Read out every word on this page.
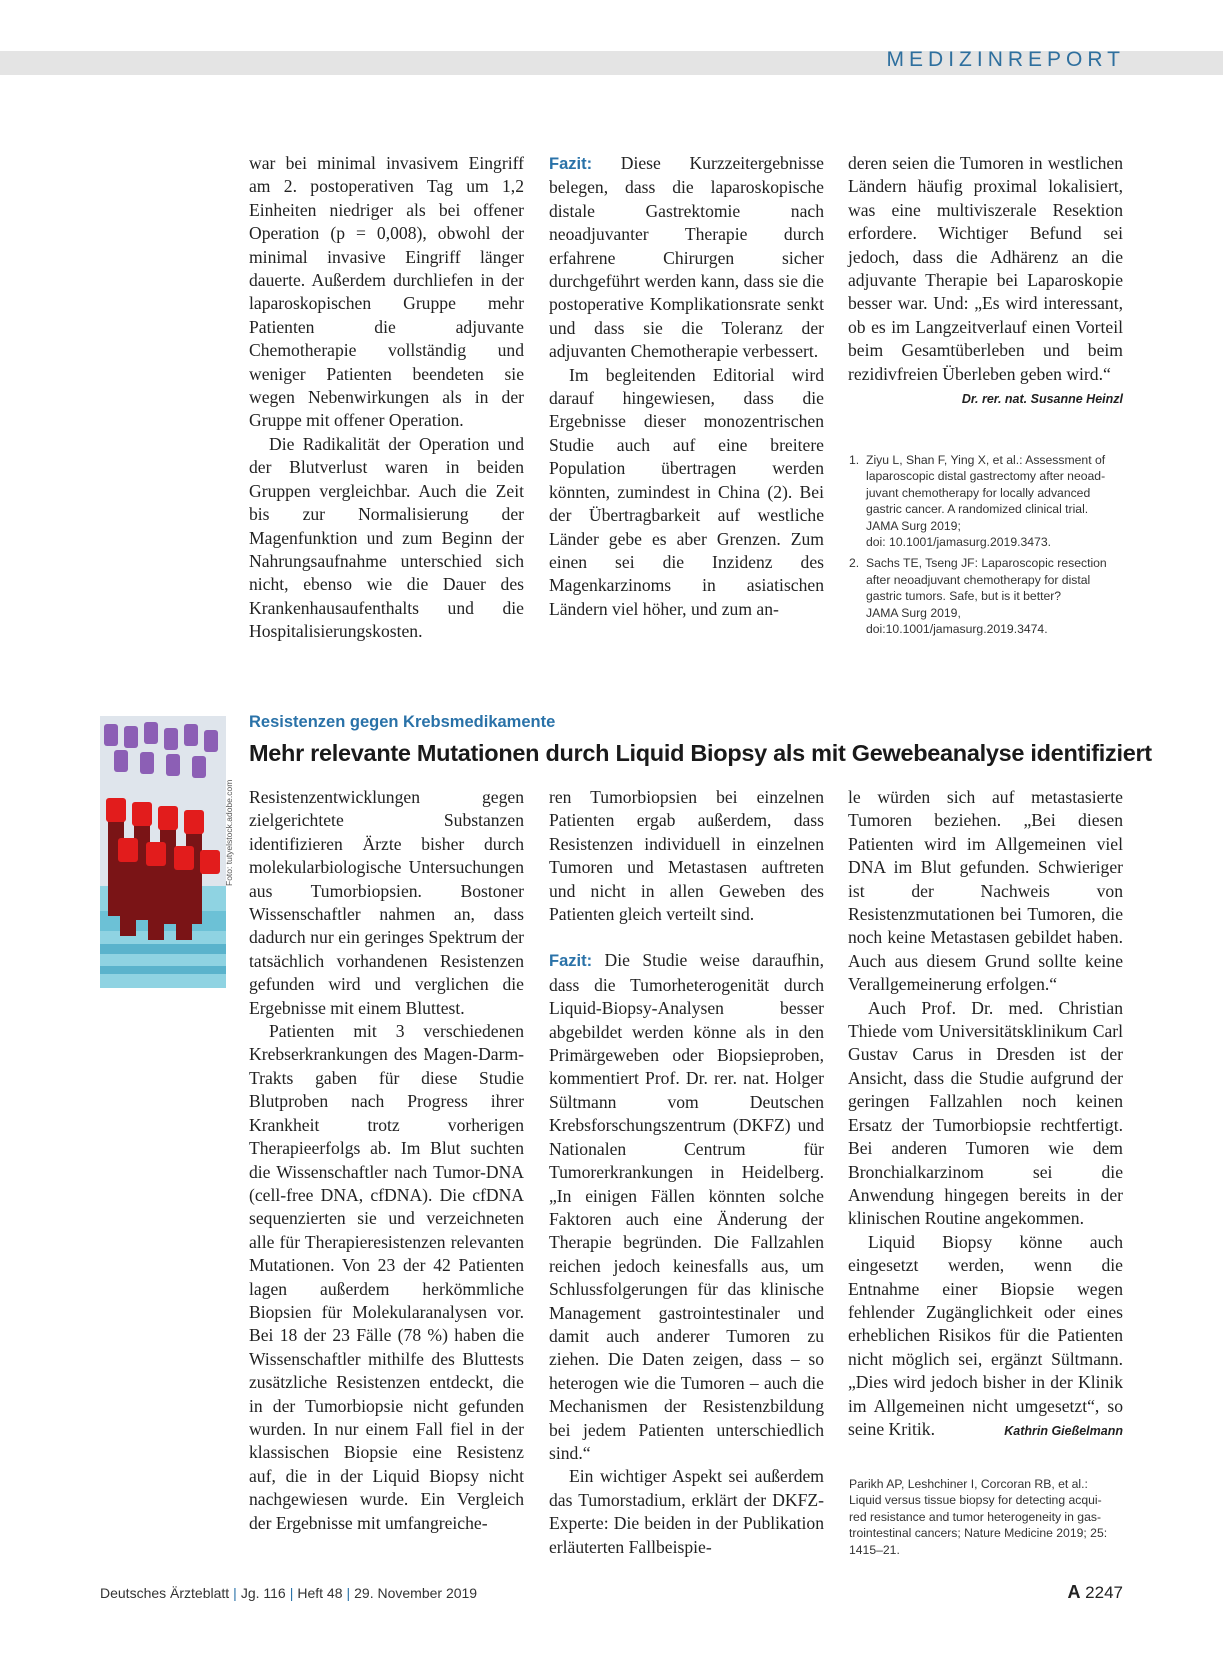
MEDIZINREPORT

war bei minimal invasivem Eingriff am 2. postoperativen Tag um 1,2 Einheiten niedriger als bei offener Operation (p = 0,008), obwohl der minimal invasive Eingriff länger dauerte. Außerdem durchliefen in der laparoskopischen Gruppe mehr Patienten die adjuvante Chemotherapie vollständig und weniger Patienten beendeten sie wegen Nebenwirkungen als in der Gruppe mit offener Operation.

Die Radikalität der Operation und der Blutverlust waren in beiden Gruppen vergleichbar. Auch die Zeit bis zur Normalisierung der Magenfunktion und zum Beginn der Nahrungsaufnahme unterschied sich nicht, ebenso wie die Dauer des Krankenhausaufenthalts und die Hospitalisierungskosten.

Fazit: Diese Kurzzeitergebnisse belegen, dass die laparoskopische distale Gastrektomie nach neoadjuvanter Therapie durch erfahrene Chirurgen sicher durchgeführt werden kann, dass sie die postoperative Komplikationsrate senkt und dass sie die Toleranz der adjuvanten Chemotherapie verbessert.

Im begleitenden Editorial wird darauf hingewiesen, dass die Ergebnisse dieser monozentrischen Studie auch auf eine breitere Population übertragen werden könnten, zumindest in China (2). Bei der Übertragbarkeit auf westliche Länder gebe es aber Grenzen. Zum einen sei die Inzidenz des Magenkarzinoms in asiatischen Ländern viel höher, und zum an-

deren seien die Tumoren in westlichen Ländern häufig proximal lokalisiert, was eine multiviszerale Resektion erfordere. Wichtiger Befund sei jedoch, dass die Adhärenz an die adjuvante Therapie bei Laparoskopie besser war. Und: „Es wird interessant, ob es im Langzeitverlauf einen Vorteil beim Gesamtüberleben und beim rezidivfreien Überleben geben wird.“
Dr. rer. nat. Susanne Heinzl

1. Ziyu L, Shan F, Ying X, et al.: Assessment of
laparoscopic distal gastrectomy after neoad-
juvant chemotherapy for locally advanced
gastric cancer. A randomized clinical trial.
JAMA Surg 2019;
doi: 10.1001/jamasurg.2019.3473.
2. Sachs TE, Tseng JF: Laparoscopic resection
after neoadjuvant chemotherapy for distal
gastric tumors. Safe, but is it better?
JAMA Surg 2019,
doi:10.1001/jamasurg.2019.3474.
Foto: tutyelstock.adobe.com
Resistenzen gegen Krebsmedikamente
Mehr relevante Mutationen durch Liquid Biopsy als mit Gewebeanalyse identifiziert

Resistenzentwicklungen gegen zielgerichtete Substanzen identifizieren Ärzte bisher durch molekularbiologische Untersuchungen aus Tumorbiopsien. Bostoner Wissenschaftler nahmen an, dass dadurch nur ein geringes Spektrum der tatsächlich vorhandenen Resistenzen gefunden wird und verglichen die Ergebnisse mit einem Bluttest.

Patienten mit 3 verschiedenen Krebserkrankungen des Magen-Darm-Trakts gaben für diese Studie Blutproben nach Progress ihrer Krankheit trotz vorherigen Therapieerfolgs ab. Im Blut suchten die Wissenschaftler nach Tumor-DNA (cell-free DNA, cfDNA). Die cfDNA sequenzierten sie und verzeichneten alle für Therapieresistenzen relevanten Mutationen. Von 23 der 42 Patienten lagen außerdem herkömmliche Biopsien für Molekularanalysen vor. Bei 18 der 23 Fälle (78 %) haben die Wissenschaftler mithilfe des Bluttests zusätzliche Resistenzen entdeckt, die in der Tumorbiopsie nicht gefunden wurden. In nur einem Fall fiel in der klassischen Biopsie eine Resistenz auf, die in der Liquid Biopsy nicht nachgewiesen wurde. Ein Vergleich der Ergebnisse mit umfangreiche-

ren Tumorbiopsien bei einzelnen Patienten ergab außerdem, dass Resistenzen individuell in einzelnen Tumoren und Metastasen auftreten und nicht in allen Geweben des Patienten gleich verteilt sind.

Fazit: Die Studie weise daraufhin, dass die Tumorheterogenität durch Liquid-Biopsy-Analysen besser abgebildet werden könne als in den Primärgeweben oder Biopsieproben, kommentiert Prof. Dr. rer. nat. Holger Sültmann vom Deutschen Krebsforschungszentrum (DKFZ) und Nationalen Centrum für Tumorerkrankungen in Heidelberg. „In einigen Fällen könnten solche Faktoren auch eine Änderung der Therapie begründen. Die Fallzahlen reichen jedoch keinesfalls aus, um Schlussfolgerungen für das klinische Management gastrointestinaler und damit auch anderer Tumoren zu ziehen. Die Daten zeigen, dass – so heterogen wie die Tumoren – auch die Mechanismen der Resistenzbildung bei jedem Patienten unterschiedlich sind.“

Ein wichtiger Aspekt sei außerdem das Tumorstadium, erklärt der DKFZ-Experte: Die beiden in der Publikation erläuterten Fallbeispie-

le würden sich auf metastasierte Tumoren beziehen. „Bei diesen Patienten wird im Allgemeinen viel DNA im Blut gefunden. Schwieriger ist der Nachweis von Resistenzmutationen bei Tumoren, die noch keine Metastasen gebildet haben. Auch aus diesem Grund sollte keine Verallgemeinerung erfolgen.“

Auch Prof. Dr. med. Christian Thiede vom Universitätsklinikum Carl Gustav Carus in Dresden ist der Ansicht, dass die Studie aufgrund der geringen Fallzahlen noch keinen Ersatz der Tumorbiopsie rechtfertigt. Bei anderen Tumoren wie dem Bronchialkarzinom sei die Anwendung hingegen bereits in der klinischen Routine angekommen.

Liquid Biopsy könne auch eingesetzt werden, wenn die Entnahme einer Biopsie wegen fehlender Zugänglichkeit oder eines erheblichen Risikos für die Patienten nicht möglich sei, ergänzt Sültmann. „Dies wird jedoch bisher in der Klinik im Allgemeinen nicht umgesetzt“, so seine Kritik.	Kathrin Gießelmann

Parikh AP, Leshchiner I, Corcoran RB, et al.:
Liquid versus tissue biopsy for detecting acqui-
red resistance and tumor heterogeneity in gas-
trointestinal cancers; Nature Medicine 2019; 25:
1415–21.
Deutsches Ärzteblatt | Jg. 116 | Heft 48 | 29. November 2019	A 2247
